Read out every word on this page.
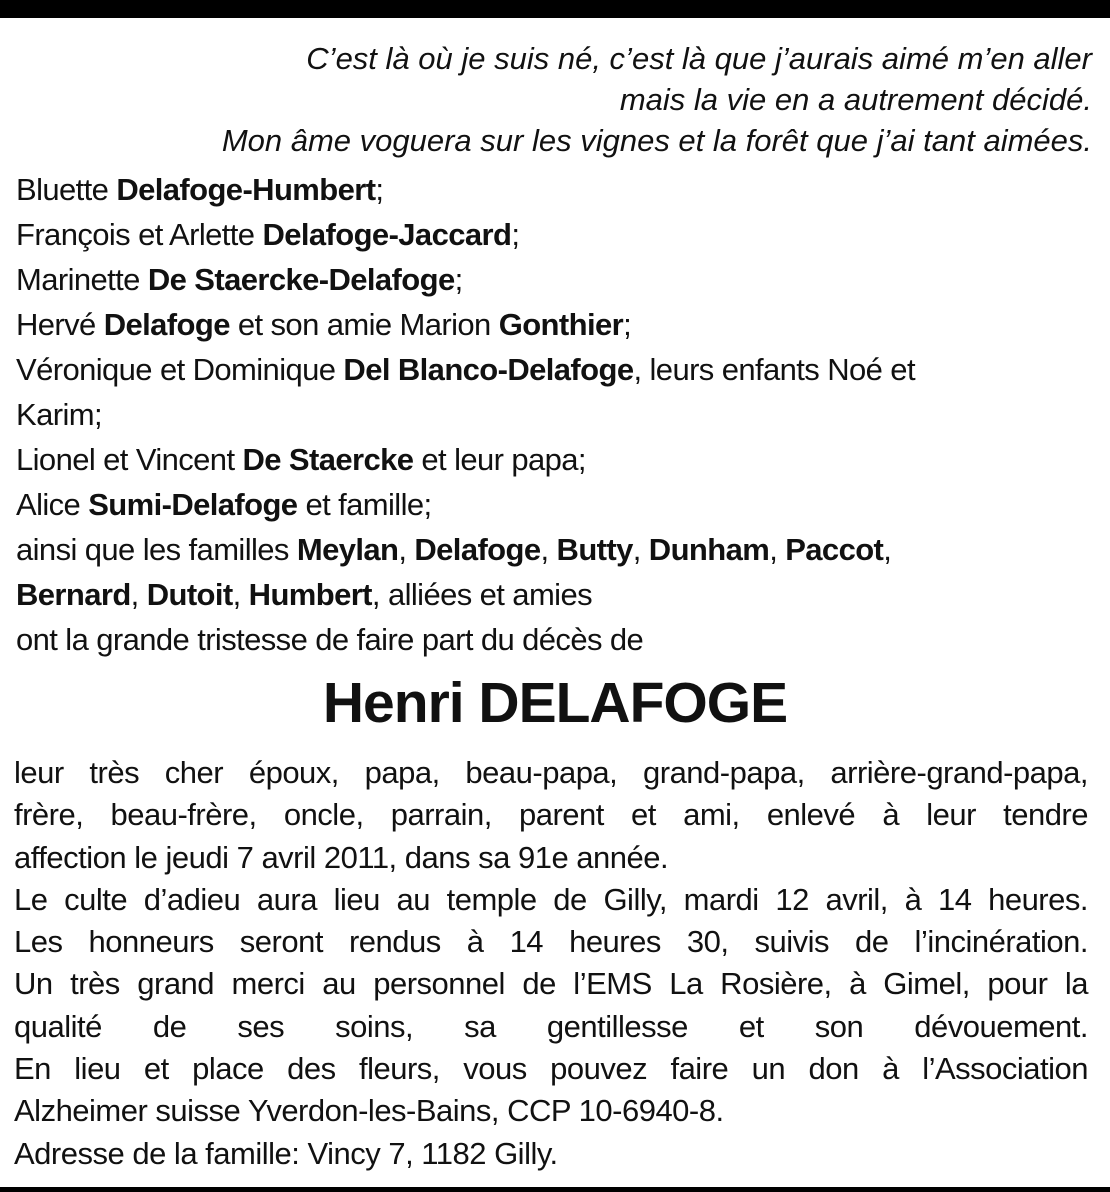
C’est là où je suis né, c’est là que j’aurais aimé m’en aller
mais la vie en a autrement décidé.
Mon âme voguera sur les vignes et la forêt que j’ai tant aimées.
Bluette Delafoge-Humbert;
François et Arlette Delafoge-Jaccard;
Marinette De Staercke-Delafoge;
Hervé Delafoge et son amie Marion Gonthier;
Véronique et Dominique Del Blanco-Delafoge, leurs enfants Noé et
Karim;
Lionel et Vincent De Staercke et leur papa;
Alice Sumi-Delafoge et famille;
ainsi que les familles Meylan, Delafoge, Butty, Dunham, Paccot,
Bernard, Dutoit, Humbert, alliées et amies
ont la grande tristesse de faire part du décès de
Henri DELAFOGE
leur très cher époux, papa, beau-papa, grand-papa, arrière-grand-papa,
frère, beau-frère, oncle, parrain, parent et ami, enlevé à leur tendre
affection le jeudi 7 avril 2011, dans sa 91e année.
Le culte d’adieu aura lieu au temple de Gilly, mardi 12 avril, à 14 heures.
Les honneurs seront rendus à 14 heures 30, suivis de l’incinération.
Un très grand merci au personnel de l’EMS La Rosière, à Gimel, pour la
qualité de ses soins, sa gentillesse et son dévouement.
En lieu et place des fleurs, vous pouvez faire un don à l’Association
Alzheimer suisse Yverdon-les-Bains, CCP 10-6940-8.
Adresse de la famille: Vincy 7, 1182 Gilly.
